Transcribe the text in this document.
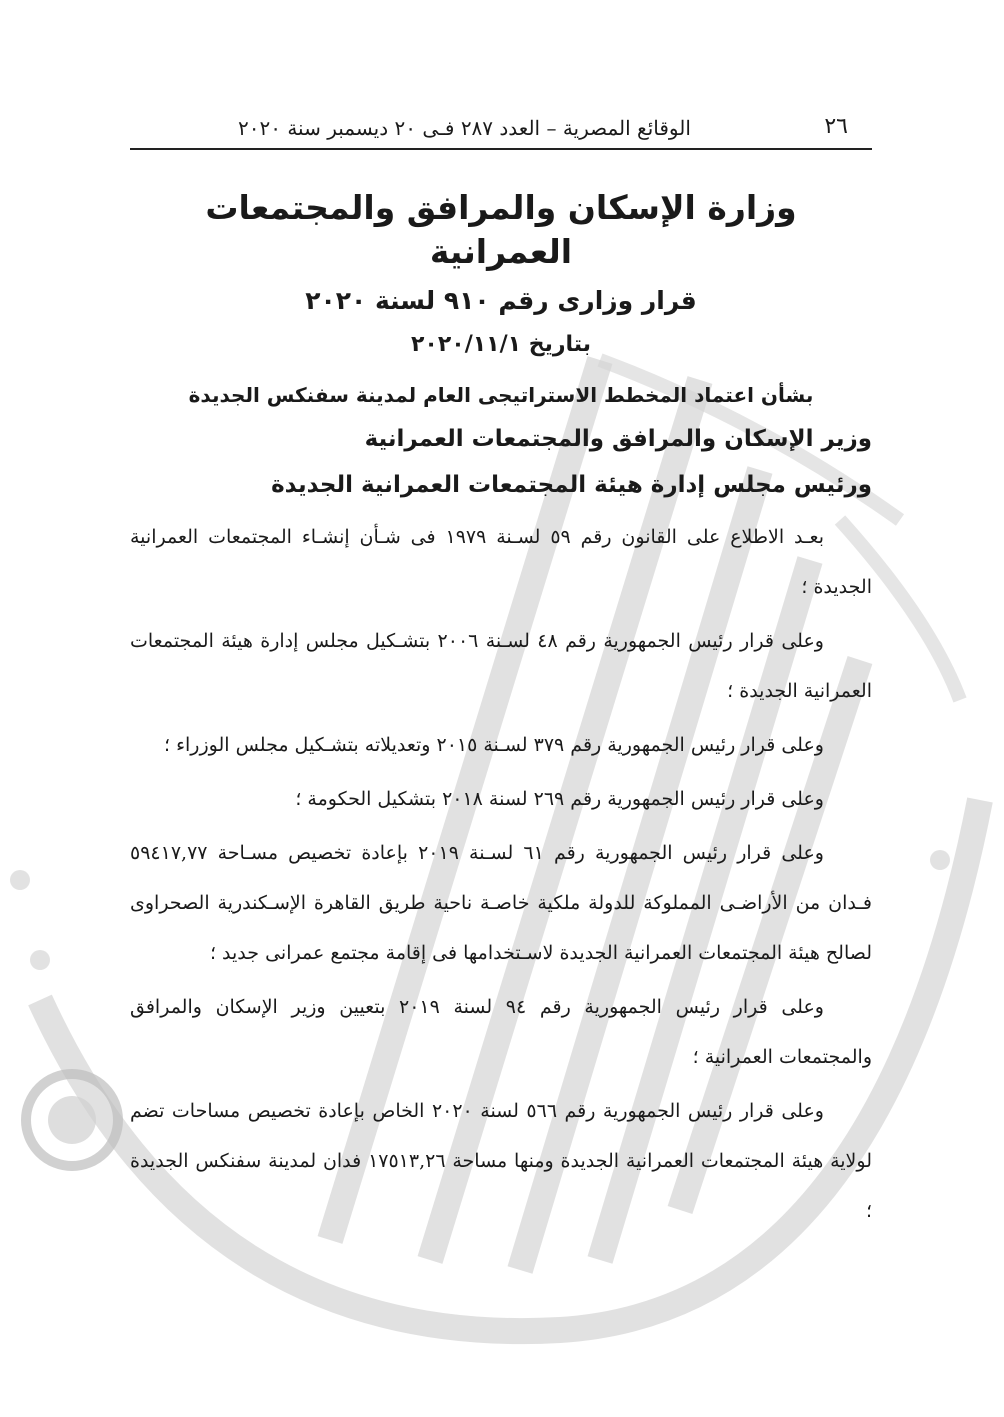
٢٦
الوقائع المصرية – العدد ٢٨٧ فـى ٢٠ ديسمبر سنة ٢٠٢٠
وزارة الإسكان والمرافق والمجتمعات العمرانية
قرار وزارى رقم ٩١٠ لسنة ٢٠٢٠
بتاريخ ٢٠٢٠/١١/١
بشأن اعتماد المخطط الاستراتيجى العام لمدينة سفنكس الجديدة
وزير الإسكان والمرافق والمجتمعات العمرانية
ورئيس مجلس إدارة هيئة المجتمعات العمرانية الجديدة

بعـد الاطلاع على القانون رقم ٥٩ لسـنة ١٩٧٩ فى شـأن إنشـاء المجتمعات العمرانية الجديدة ؛

وعلى قرار رئيس الجمهورية رقم ٤٨ لسـنة ٢٠٠٦ بتشـكيل مجلس إدارة هيئة المجتمعات العمرانية الجديدة ؛

وعلى قرار رئيس الجمهورية رقم ٣٧٩ لسـنة ٢٠١٥ وتعديلاته بتشـكيل مجلس الوزراء ؛

وعلى قرار رئيس الجمهورية رقم ٢٦٩ لسنة ٢٠١٨ بتشكيل الحكومة ؛

وعلى قرار رئيس الجمهورية رقم ٦١ لسـنة ٢٠١٩ بإعادة تخصيص مسـاحة ٥٩٤١٧,٧٧ فـدان من الأراضـى المملوكة للدولة ملكية خاصـة ناحية طريق القاهرة الإسـكندرية الصحراوى لصالح هيئة المجتمعات العمرانية الجديدة لاسـتخدامها فى إقامة مجتمع عمرانى جديد ؛

وعلى قرار رئيس الجمهورية رقم ٩٤ لسنة ٢٠١٩ بتعيين وزير الإسكان والمرافق والمجتمعات العمرانية ؛

وعلى قرار رئيس الجمهورية رقم ٥٦٦ لسنة ٢٠٢٠ الخاص بإعادة تخصيص مساحات تضم لولاية هيئة المجتمعات العمرانية الجديدة ومنها مساحة ١٧٥١٣,٢٦ فدان لمدينة سفنكس الجديدة ؛
